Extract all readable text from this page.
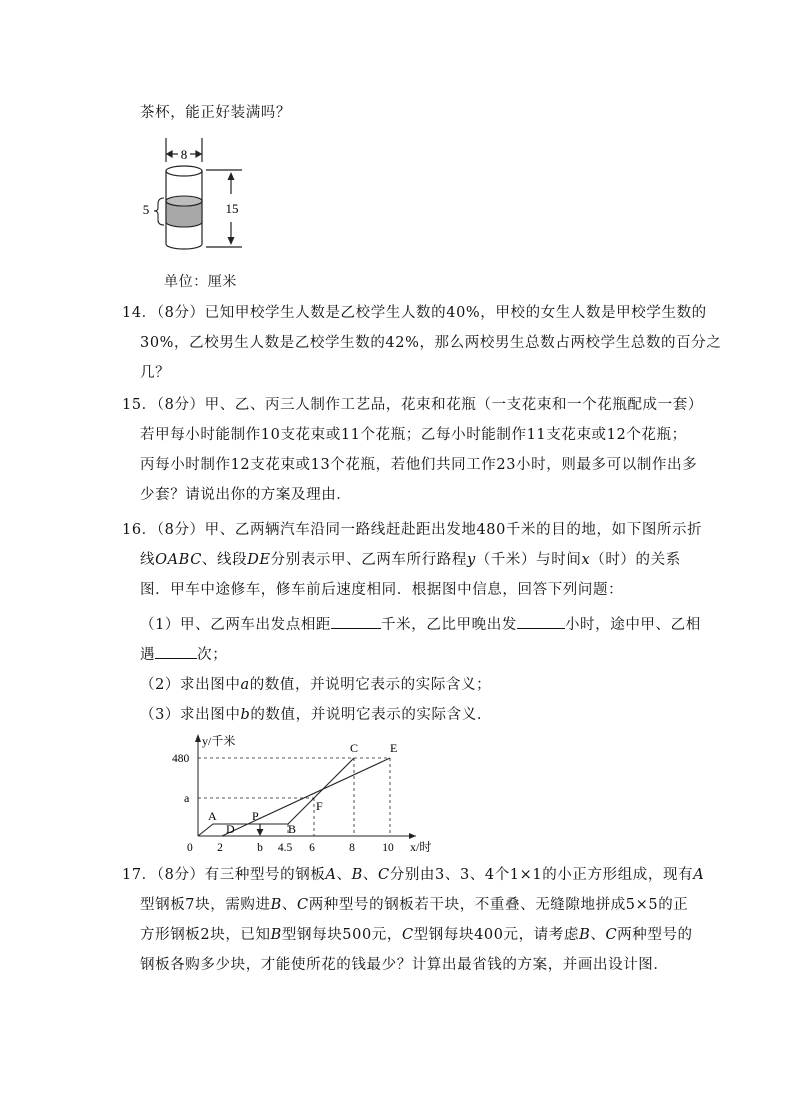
茶杯，能正好装满吗？
8
5	15
单位：厘米
14．（8分）已知甲校学生人数是乙校学生人数的40%，甲校的女生人数是甲校学生数的
30%，乙校男生人数是乙校学生数的42%，那么两校男生总数占两校学生总数的百分之
几？
15．（8分）甲、乙、丙三人制作工艺品，花束和花瓶（一支花束和一个花瓶配成一套）
若甲每小时能制作10支花束或11个花瓶；乙每小时能制作11支花束或12个花瓶；
丙每小时制作12支花束或13个花瓶，若他们共同工作23小时，则最多可以制作出多
少套？请说出你的方案及理由．
16．（8分）甲、乙两辆汽车沿同一路线赶赴距出发地480千米的目的地，如下图所示折
线OABC、线段DE分别表示甲、乙两车所行路程y（千米）与时间x（时）的关系
图．甲车中途修车，修车前后速度相同．根据图中信息，回答下列问题：
（1）甲、乙两车出发点相距	千米，乙比甲晚出发	小时，途中甲、乙相
遇	次；
（2）求出图中a的数值，并说明它表示的实际含义；
（3）求出图中b的数值，并说明它表示的实际含义．
y/千米
x/时
480
a
0 2	b 4.5 6	8 10
A
D
P
B
F
C	E
17．（8分）有三种型号的钢板A、B、C分别由3、3、4个1×1的小正方形组成，现有A
型钢板7块，需购进B、C两种型号的钢板若干块，不重叠、无缝隙地拼成5×5的正
方形钢板2块，已知B型钢每块500元，C型钢每块400元，请考虑B、C两种型号的
钢板各购多少块，才能使所花的钱最少？计算出最省钱的方案，并画出设计图．
